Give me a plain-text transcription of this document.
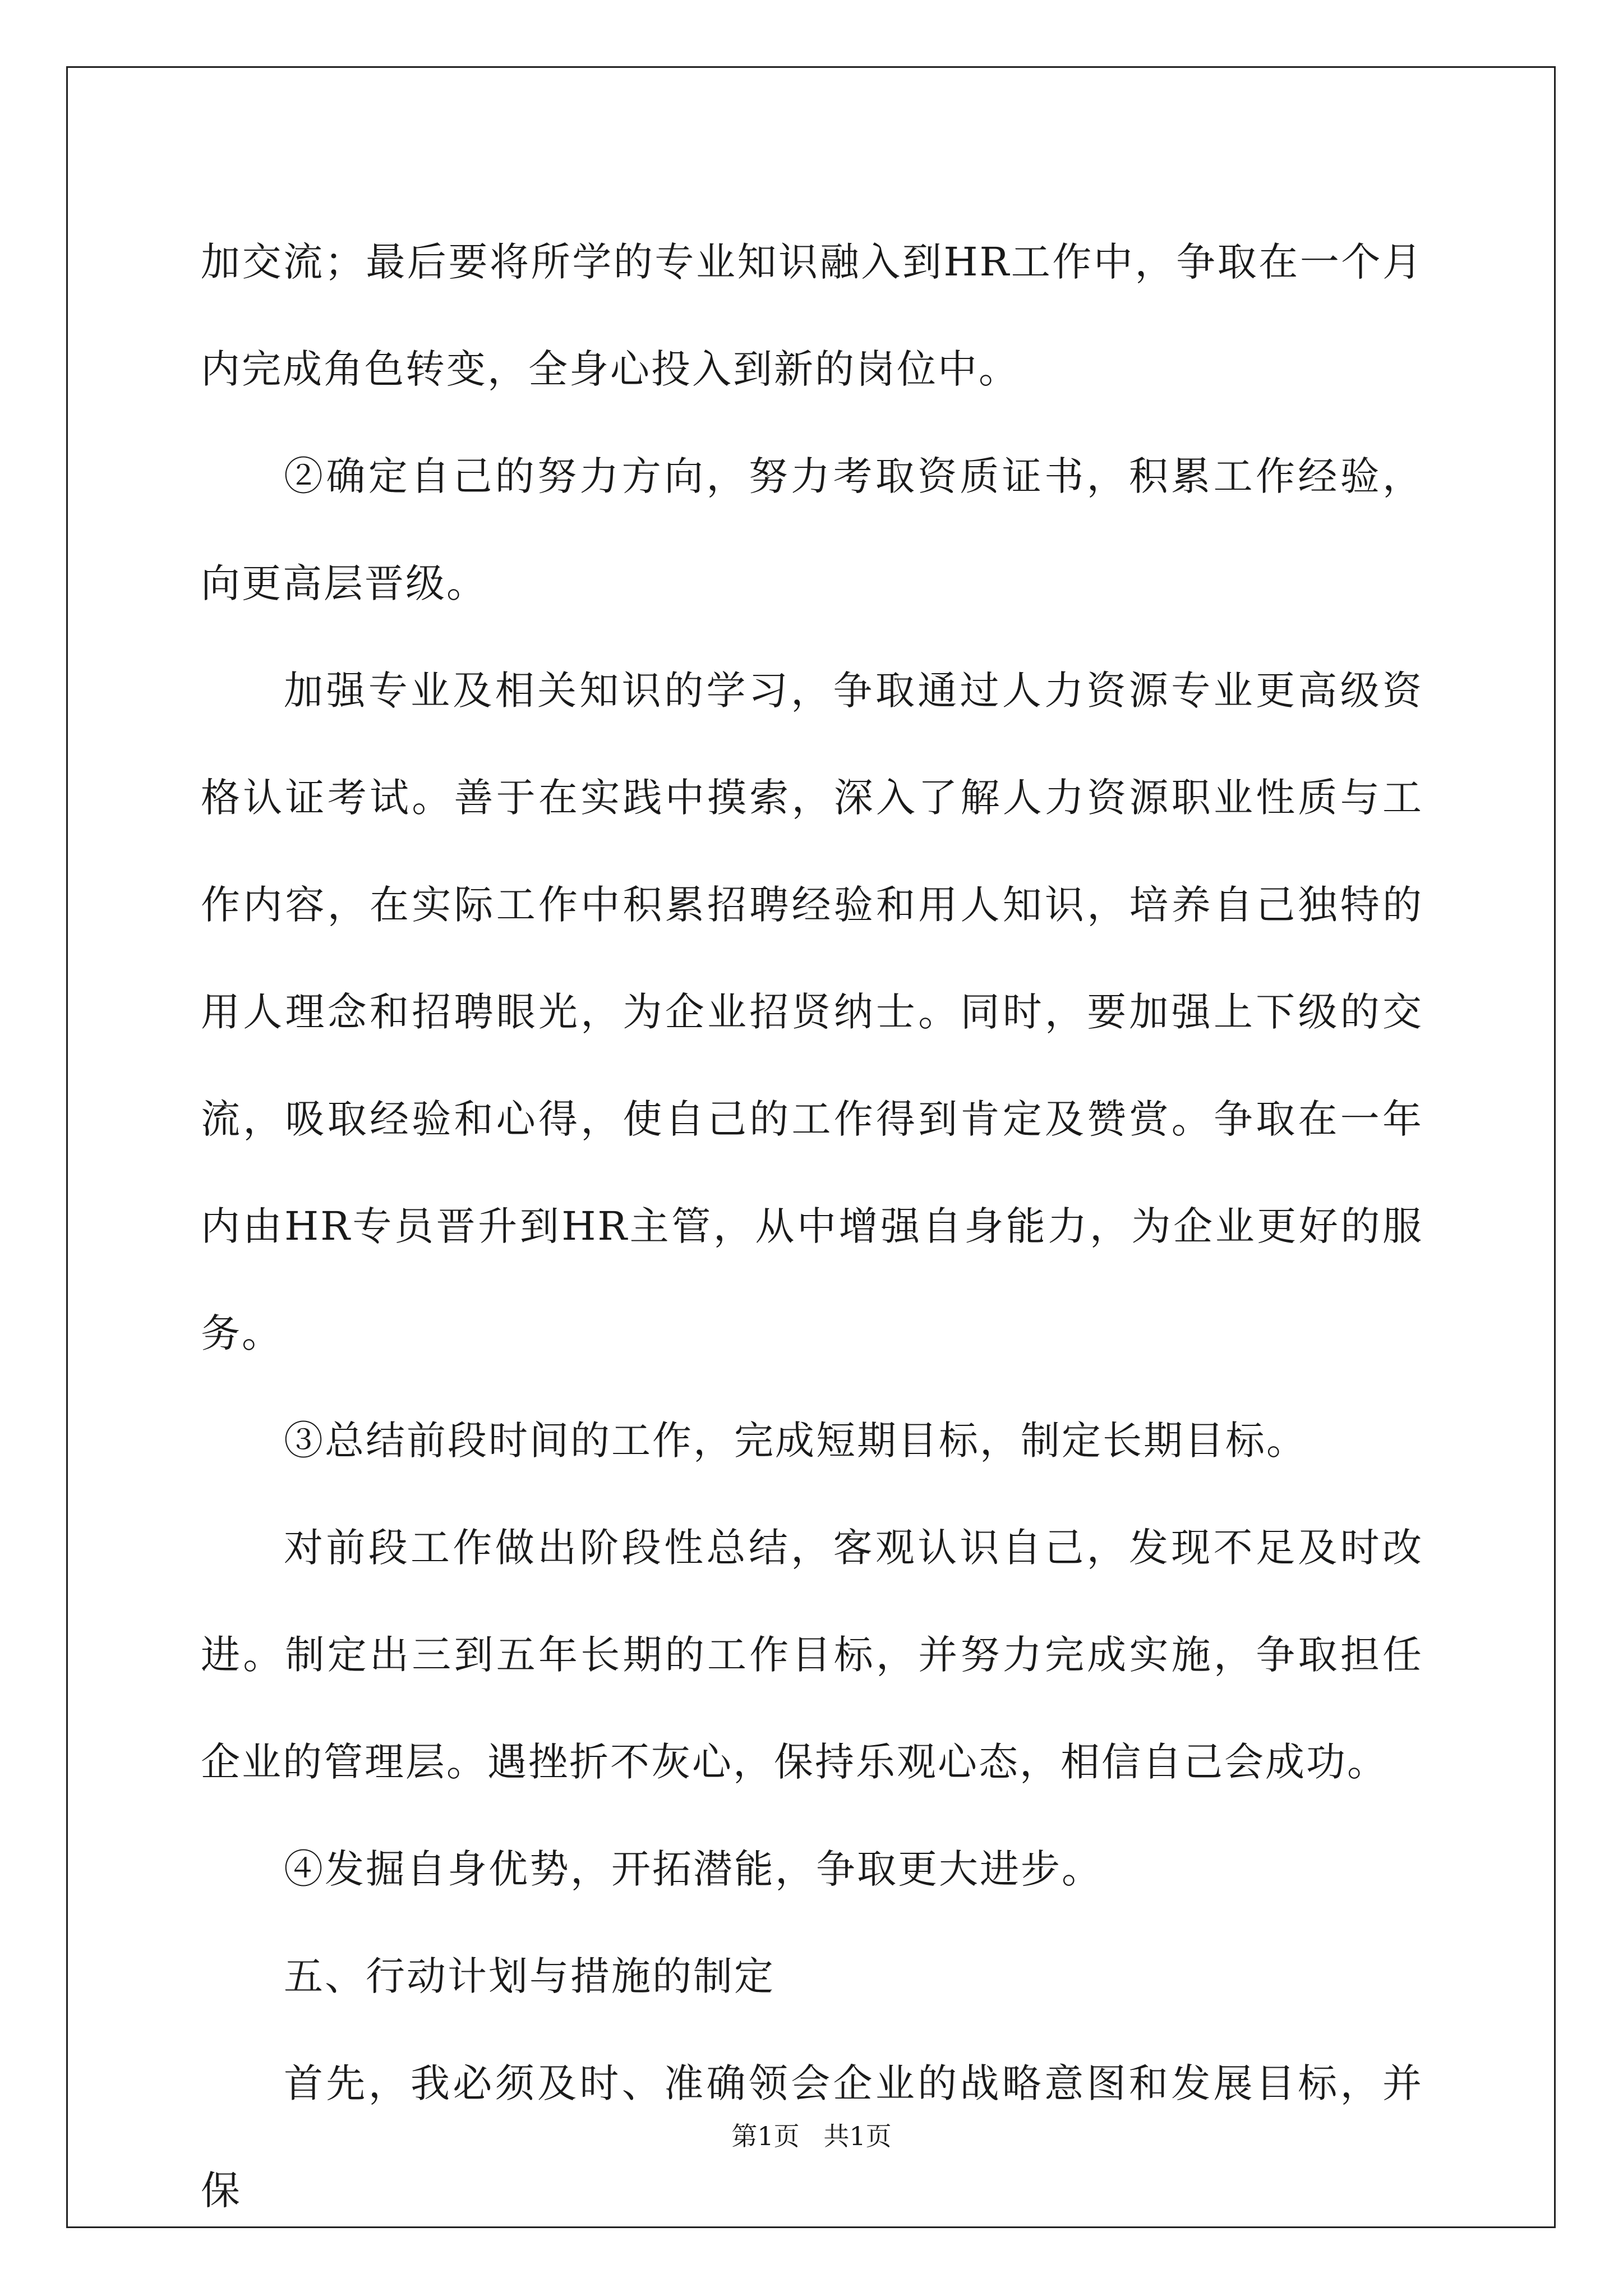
加交流；最后要将所学的专业知识融入到HR工作中，争取在一个月内完成角色转变，全身心投入到新的岗位中。

②确定自己的努力方向，努力考取资质证书，积累工作经验，向更高层晋级。

加强专业及相关知识的学习，争取通过人力资源专业更高级资格认证考试。善于在实践中摸索，深入了解人力资源职业性质与工作内容，在实际工作中积累招聘经验和用人知识，培养自己独特的用人理念和招聘眼光，为企业招贤纳士。同时，要加强上下级的交流，吸取经验和心得，使自己的工作得到肯定及赞赏。争取在一年内由HR专员晋升到HR主管，从中增强自身能力，为企业更好的服务。

③总结前段时间的工作，完成短期目标，制定长期目标。

对前段工作做出阶段性总结，客观认识自己，发现不足及时改进。制定出三到五年长期的工作目标，并努力完成实施，争取担任企业的管理层。遇挫折不灰心，保持乐观心态，相信自己会成功。

④发掘自身优势，开拓潜能，争取更大进步。

五、行动计划与措施的制定

首先，我必须及时、准确领会企业的战略意图和发展目标，并保

第1页 共1页
